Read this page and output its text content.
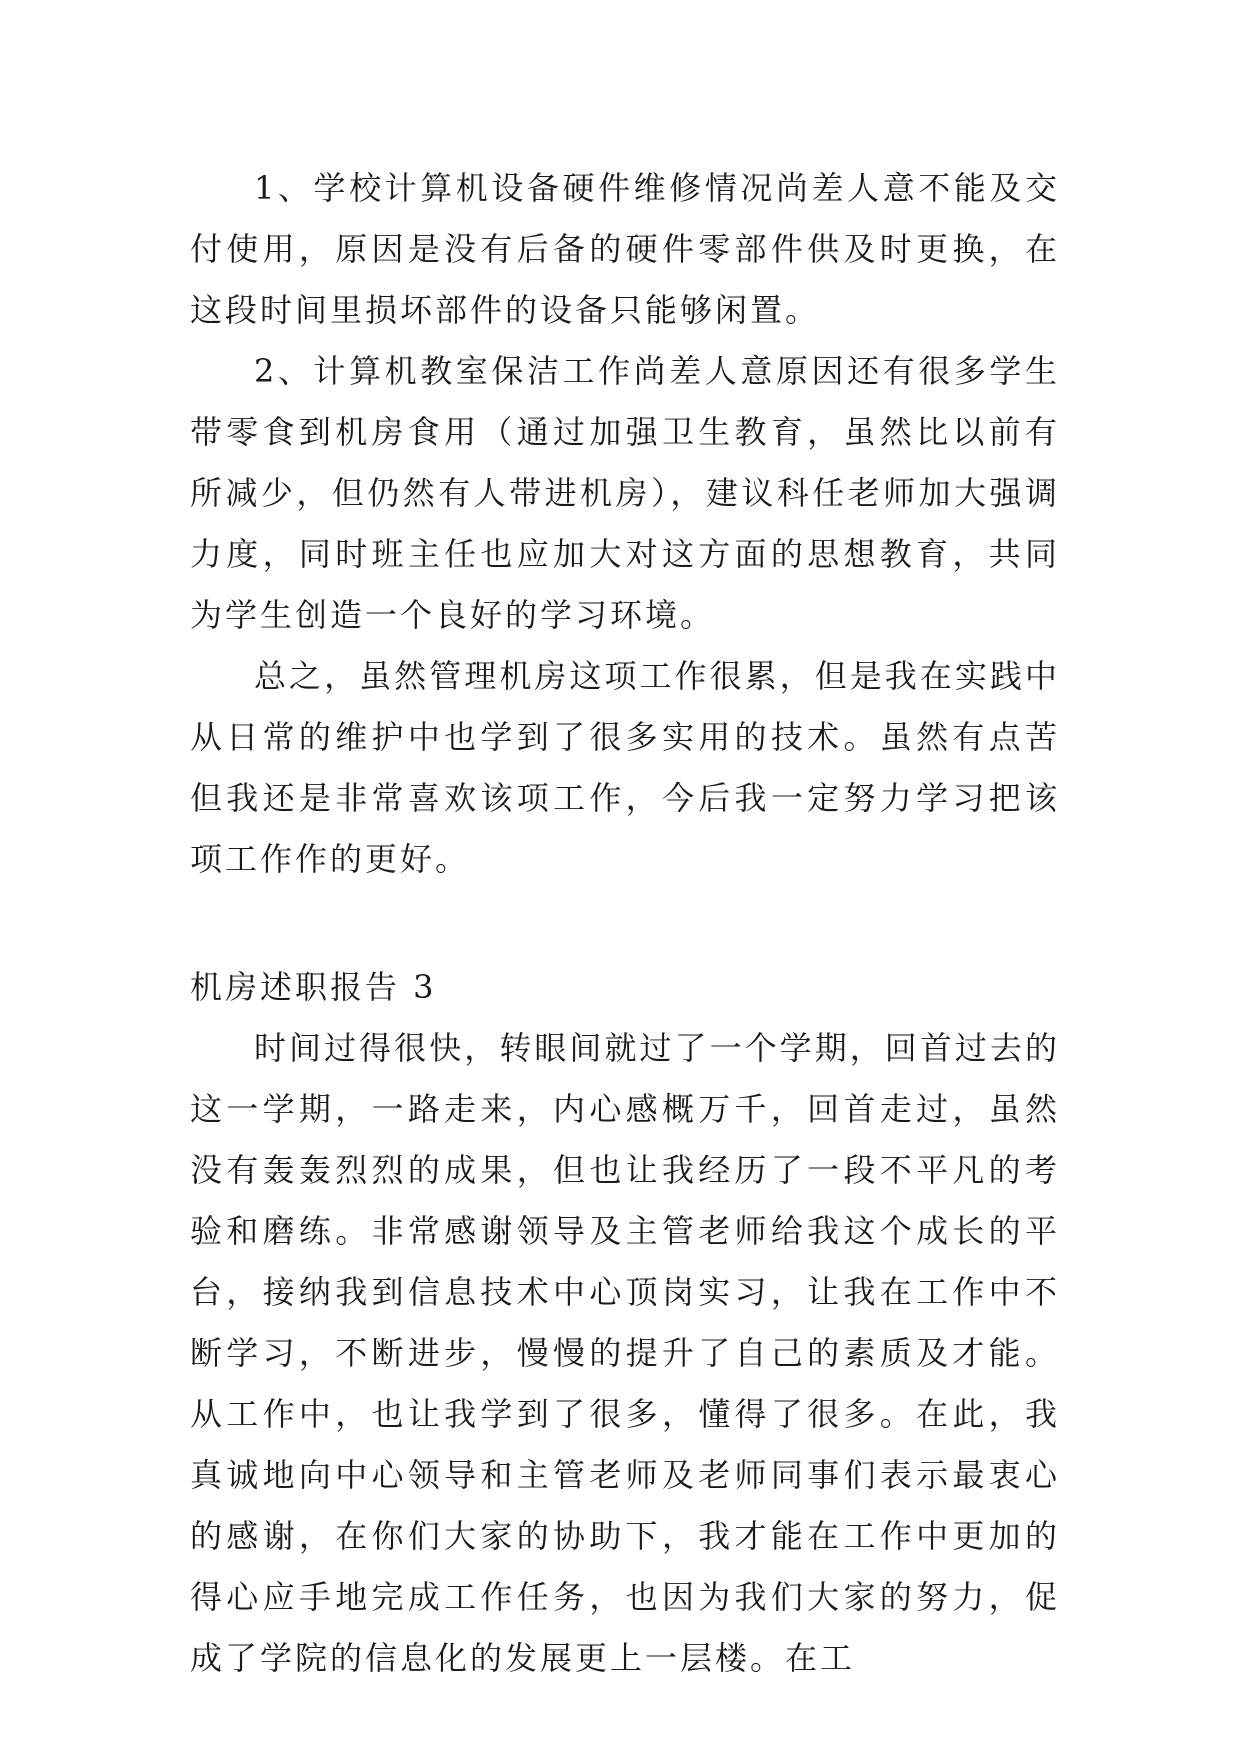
1、学校计算机设备硬件维修情况尚差人意不能及交付使用，原因是没有后备的硬件零部件供及时更换，在这段时间里损坏部件的设备只能够闲置。

2、计算机教室保洁工作尚差人意原因还有很多学生带零食到机房食用（通过加强卫生教育，虽然比以前有所减少，但仍然有人带进机房），建议科任老师加大强调力度，同时班主任也应加大对这方面的思想教育，共同为学生创造一个良好的学习环境。

总之，虽然管理机房这项工作很累，但是我在实践中从日常的维护中也学到了很多实用的技术。虽然有点苦但我还是非常喜欢该项工作，今后我一定努力学习把该项工作作的更好。

机房述职报告 3

时间过得很快，转眼间就过了一个学期，回首过去的这一学期，一路走来，内心感概万千，回首走过，虽然没有轰轰烈烈的成果，但也让我经历了一段不平凡的考验和磨练。非常感谢领导及主管老师给我这个成长的平台，接纳我到信息技术中心顶岗实习，让我在工作中不断学习，不断进步，慢慢的提升了自己的素质及才能。从工作中，也让我学到了很多，懂得了很多。在此，我真诚地向中心领导和主管老师及老师同事们表示最衷心的感谢，在你们大家的协助下，我才能在工作中更加的得心应手地完成工作任务，也因为我们大家的努力，促成了学院的信息化的发展更上一层楼。在工
